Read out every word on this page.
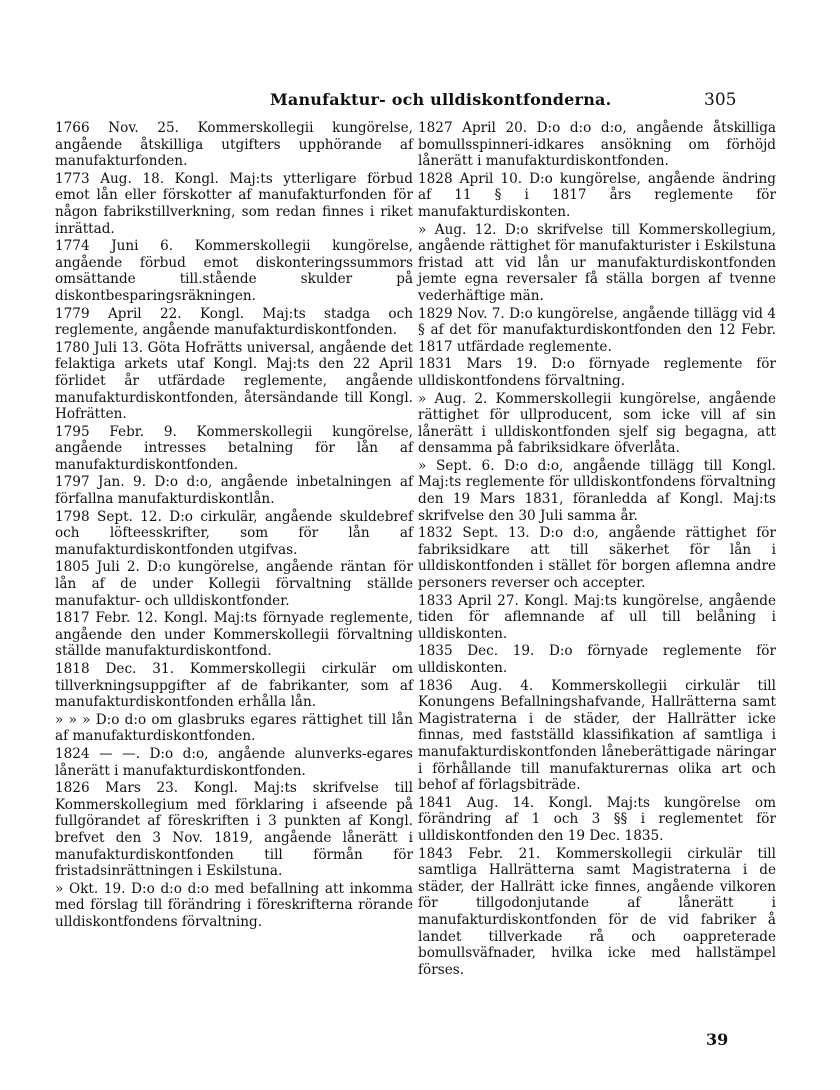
Manufaktur- och ulldiskontfonderna.	305

1766 Nov. 25. Kommerskollegii kungörelse, angående åtskilliga utgifters upphörande af manufakturfonden.

1773 Aug. 18. Kongl. Maj:ts ytterligare förbud emot lån eller förskotter af manufakturfonden för någon fabrikstillverkning, som redan finnes i riket inrättad.

1774 Juni 6. Kommerskollegii kungörelse, angående förbud emot diskonteringssummors omsättande till.stående skulder på diskontbesparingsräkningen.

1779 April 22. Kongl. Maj:ts stadga och reglemente, angående manufakturdiskontfonden.

1780 Juli 13. Göta Hofrätts universal, angående det felaktiga arkets utaf Kongl. Maj:ts den 22 April förlidet år utfärdade reglemente, angående manufakturdiskontfonden, återsändande till Kongl. Hofrätten.

1795 Febr. 9. Kommerskollegii kungörelse, angående intresses betalning för lån af manufakturdiskontfonden.

1797 Jan. 9. D:o d:o, angående inbetalningen af förfallna manufakturdiskontlån.

1798 Sept. 12. D:o cirkulär, angående skuldebref och löfteesskrifter, som för lån af manufakturdiskontfonden utgifvas.

1805 Juli 2. D:o kungörelse, angående räntan för lån af de under Kollegii förvaltning ställde manufaktur- och ulldiskontfonder.

1817 Febr. 12. Kongl. Maj:ts förnyade reglemente, angående den under Kommerskollegii förvaltning ställde manufakturdiskontfond.

1818 Dec. 31. Kommerskollegii cirkulär om tillverkningsuppgifter af de fabrikanter, som af manufakturdiskontfonden erhålla lån.

» » » D:o d:o om glasbruks egares rättighet till lån af manufakturdiskontfonden.

1824 — —. D:o d:o, angående alunverks-egares lånerätt i manufakturdiskontfonden.

1826 Mars 23. Kongl. Maj:ts skrifvelse till Kommerskollegium med förklaring i afseende på fullgörandet af föreskriften i 3 punkten af Kongl. brefvet den 3 Nov. 1819, angående lånerätt i manufakturdiskontfonden till förmån för fristadsinrättningen i Eskilstuna.

» Okt. 19. D:o d:o d:o med befallning att inkomma med förslag till förändring i föreskrifterna rörande ulldiskontfondens förvaltning.

1827 April 20. D:o d:o d:o, angående åtskilliga bomullsspinneri-idkares ansökning om förhöjd lånerätt i manufakturdiskontfonden.

1828 April 10. D:o kungörelse, angående ändring af 11 § i 1817 års reglemente för manufakturdiskonten.

» Aug. 12. D:o skrifvelse till Kommerskollegium, angående rättighet för manufakturister i Eskilstuna fristad att vid lån ur manufakturdiskontfonden jemte egna reversaler få ställa borgen af tvenne vederhäftige män.

1829 Nov. 7. D:o kungörelse, angående tillägg vid 4 § af det för manufakturdiskontfonden den 12 Febr. 1817 utfärdade reglemente.

1831 Mars 19. D:o förnyade reglemente för ulldiskontfondens förvaltning.

» Aug. 2. Kommerskollegii kungörelse, angående rättighet för ullproducent, som icke vill af sin lånerätt i ulldiskontfonden sjelf sig begagna, att densamma på fabriksidkare öfverlåta.

» Sept. 6. D:o d:o, angående tillägg till Kongl. Maj:ts reglemente för ulldiskontfondens förvaltning den 19 Mars 1831, föranledda af Kongl. Maj:ts skrifvelse den 30 Juli samma år.

1832 Sept. 13. D:o d:o, angående rättighet för fabriksidkare att till säkerhet för lån i ulldiskontfonden i stället för borgen aflemna andre personers reverser och accepter.

1833 April 27. Kongl. Maj:ts kungörelse, angående tiden för aflemnande af ull till belåning i ulldiskonten.

1835 Dec. 19. D:o förnyade reglemente för ulldiskonten.

1836 Aug. 4. Kommerskollegii cirkulär till Konungens Befallningshafvande, Hallrätterna samt Magistraterna i de städer, der Hallrätter icke finnas, med fastställd klassifikation af samtliga i manufakturdiskontfonden låneberättigade näringar i förhållande till manufakturernas olika art och behof af förlagsbiträde.

1841 Aug. 14. Kongl. Maj:ts kungörelse om förändring af 1 och 3 §§ i reglementet för ulldiskontfonden den 19 Dec. 1835.

1843 Febr. 21. Kommerskollegii cirkulär till samtliga Hallrätterna samt Magistraterna i de städer, der Hallrätt icke finnes, angående vilkoren för tillgodonjutande af lånerätt i manufakturdiskontfonden för de vid fabriker å landet tillverkade rå och oappreterade bomullsväfnader, hvilka icke med hallstämpel förses.

39
